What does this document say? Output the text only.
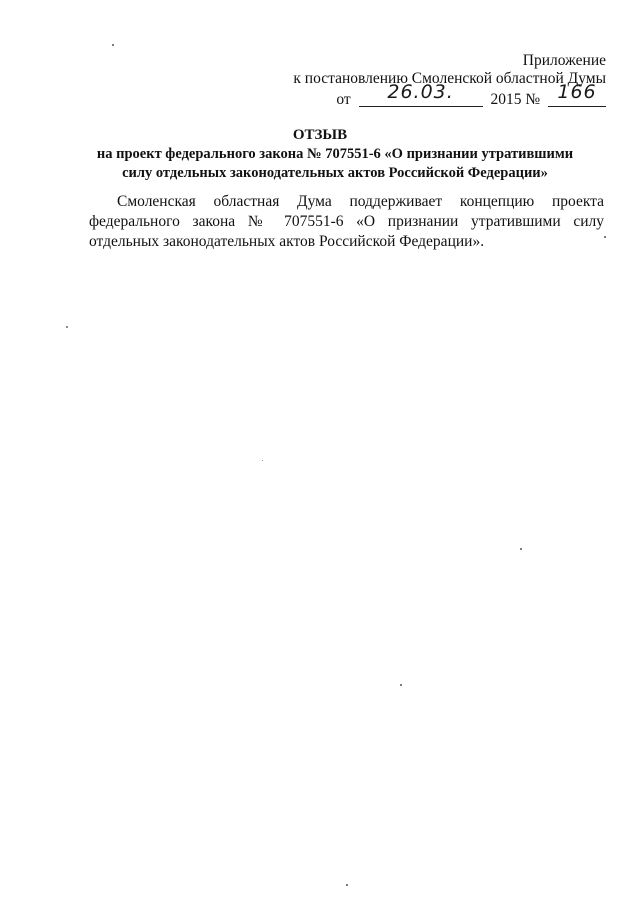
Приложение
к постановлению Смоленской областной Думы
от 26.03. 2015 № 166
ОТЗЫВ
на проект федерального закона № 707551-6 «О признании утратившими
силу отдельных законодательных актов Российской Федерации»
Смоленская областная Дума поддерживает концепцию проекта федерального закона № 707551-6 «О признании утратившими силу отдельных законодательных актов Российской Федерации».
